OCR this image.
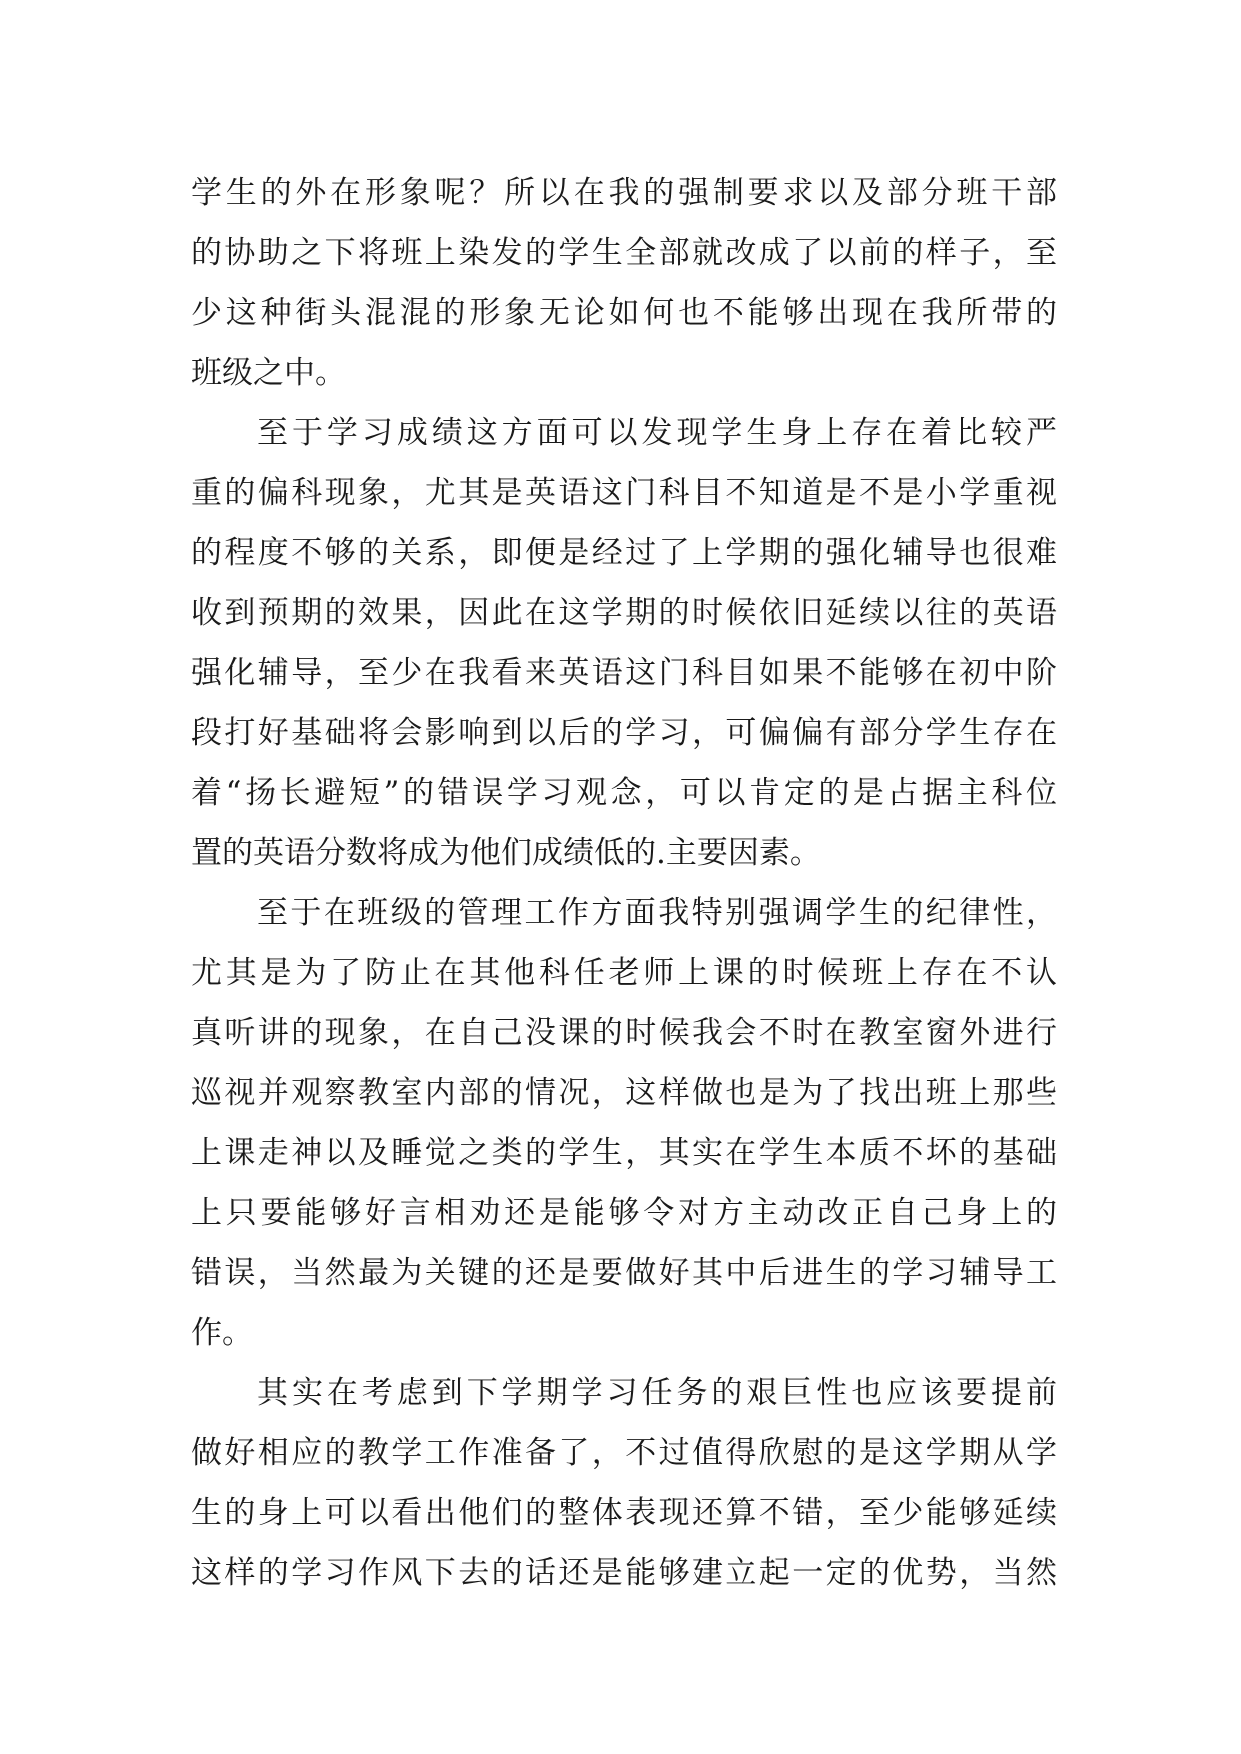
学生的外在形象呢？所以在我的强制要求以及部分班干部
的协助之下将班上染发的学生全部就改成了以前的样子，至
少这种街头混混的形象无论如何也不能够出现在我所带的
班级之中。
至于学习成绩这方面可以发现学生身上存在着比较严
重的偏科现象，尤其是英语这门科目不知道是不是小学重视
的程度不够的关系，即便是经过了上学期的强化辅导也很难
收到预期的效果，因此在这学期的时候依旧延续以往的英语
强化辅导，至少在我看来英语这门科目如果不能够在初中阶
段打好基础将会影响到以后的学习，可偏偏有部分学生存在
着“扬长避短”的错误学习观念，可以肯定的是占据主科位
置的英语分数将成为他们成绩低的.主要因素。
至于在班级的管理工作方面我特别强调学生的纪律性，
尤其是为了防止在其他科任老师上课的时候班上存在不认
真听讲的现象，在自己没课的时候我会不时在教室窗外进行
巡视并观察教室内部的情况，这样做也是为了找出班上那些
上课走神以及睡觉之类的学生，其实在学生本质不坏的基础
上只要能够好言相劝还是能够令对方主动改正自己身上的
错误，当然最为关键的还是要做好其中后进生的学习辅导工
作。
其实在考虑到下学期学习任务的艰巨性也应该要提前
做好相应的教学工作准备了，不过值得欣慰的是这学期从学
生的身上可以看出他们的整体表现还算不错，至少能够延续
这样的学习作风下去的话还是能够建立起一定的优势，当然
